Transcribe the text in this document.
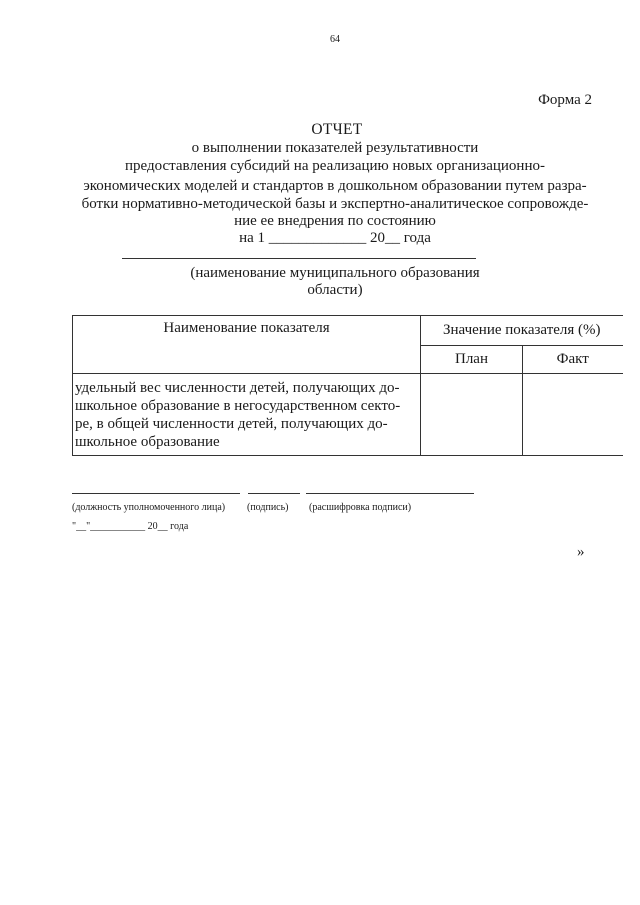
64
Форма 2
ОТЧЕТ
о выполнении показателей результативности
предоставления субсидий на реализацию новых организационно-
экономических моделей и стандартов в дошкольном образовании путем разра-
ботки нормативно-методической базы и экспертно-аналитическое сопровожде-
ние ее внедрения по состоянию
на 1 _____________ 20__ года
(наименование муниципального образования
области)
Наименование показателя	Значение показателя (%)	
	План	Факт

удельный вес численности детей, получающих до-
школьное образование в негосударственном секто-
ре, в общей численности детей, получающих до-
школьное образование		

(должность уполномоченного лица) (подпись) (расшифровка подписи)
"__"___________ 20__ года
»
